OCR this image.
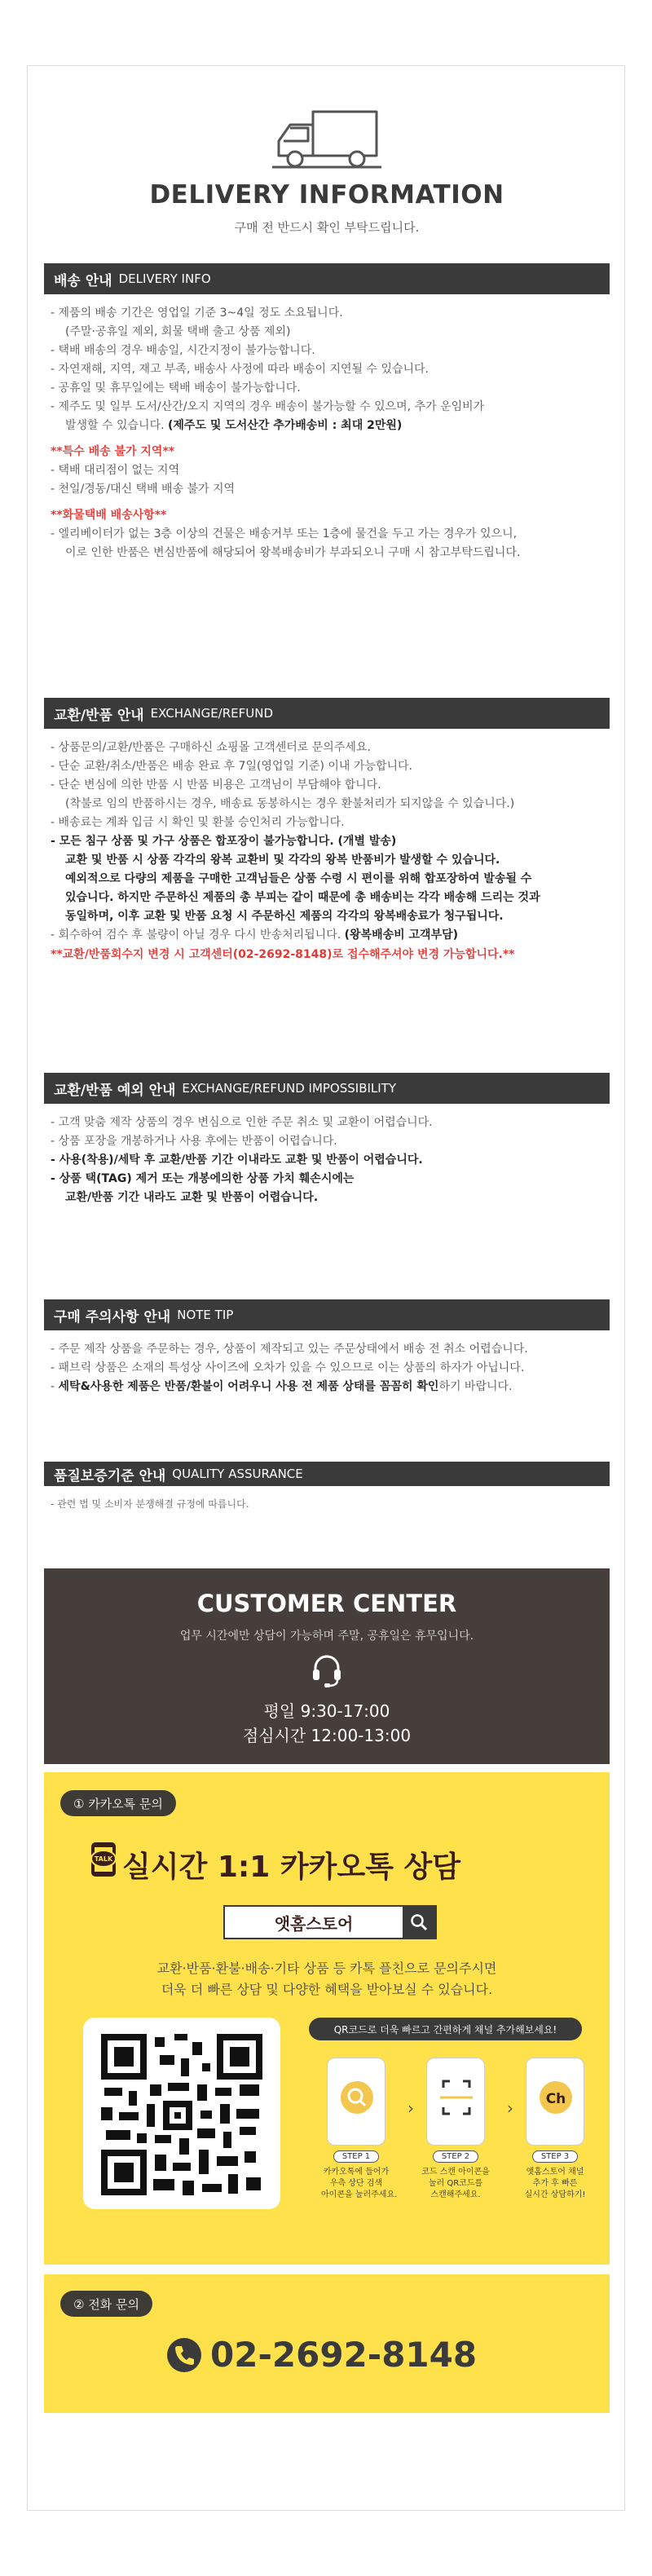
DELIVERY INFORMATION
구매 전 반드시 확인 부탁드립니다.
배송 안내 DELIVERY INFO
- 제품의 배송 기간은 영업일 기준 3~4일 정도 소요됩니다.
(주말·공휴일 제외, 회물 택배 출고 상품 제외)
- 택배 배송의 경우 배송일, 시간지정이 불가능합니다.
- 자연재해, 지역, 재고 부족, 배송사 사정에 따라 배송이 지연될 수 있습니다.
- 공휴일 및 휴무일에는 택배 배송이 불가능합니다.
- 제주도 및 일부 도서/산간/오지 지역의 경우 배송이 불가능할 수 있으며, 추가 운임비가
발생할 수 있습니다. (제주도 및 도서산간 추가배송비 : 최대 2만원)
**특수 배송 불가 지역**
- 택배 대리점이 없는 지역
- 천일/경동/대신 택배 배송 불가 지역
**화물택배 배송사항**
- 엘리베이터가 없는 3층 이상의 건물은 배송거부 또는 1층에 물건을 두고 가는 경우가 있으니,
이로 인한 반품은 변심반품에 해당되어 왕복배송비가 부과되오니 구매 시 참고부탁드립니다.
교환/반품 안내 EXCHANGE/REFUND
- 상품문의/교환/반품은 구매하신 쇼핑몰 고객센터로 문의주세요.
- 단순 교환/취소/반품은 배송 완료 후 7일(영업일 기준) 이내 가능합니다.
- 단순 변심에 의한 반품 시 반품 비용은 고객님이 부담해야 합니다.
(착불로 임의 반품하시는 경우, 배송료 동봉하시는 경우 환불처리가 되지않을 수 있습니다.)
- 배송료는 계좌 입금 시 확인 및 환불 승인처리 가능합니다.
- 모든 침구 상품 및 가구 상품은 합포장이 불가능합니다. (개별 발송)
교환 및 반품 시 상품 각각의 왕복 교환비 및 각각의 왕복 반품비가 발생할 수 있습니다.
예외적으로 다량의 제품을 구매한 고객님들은 상품 수령 시 편이를 위해 합포장하여 발송될 수
있습니다. 하지만 주문하신 제품의 총 부피는 같이 때문에 총 배송비는 각각 배송해 드리는 것과
동일하며, 이후 교환 및 반품 요청 시 주문하신 제품의 각각의 왕복배송료가 청구됩니다.
- 회수하여 검수 후 불량이 아닐 경우 다시 반송처리됩니다. (왕복배송비 고객부담)
**교환/반품회수지 변경 시 고객센터(02-2692-8148)로 접수해주셔야 변경 가능합니다.**
교환/반품 예외 안내 EXCHANGE/REFUND IMPOSSIBILITY
- 고객 맞춤 제작 상품의 경우 변심으로 인한 주문 취소 및 교환이 어렵습니다.
- 상품 포장을 개봉하거나 사용 후에는 반품이 어렵습니다.
- 사용(착용)/세탁 후 교환/반품 기간 이내라도 교환 및 반품이 어렵습니다.
- 상품 택(TAG) 제거 또는 개봉에의한 상품 가치 훼손시에는
교환/반품 기간 내라도 교환 및 반품이 어렵습니다.
구매 주의사항 안내 NOTE TIP
- 주문 제작 상품을 주문하는 경우, 상품이 제작되고 있는 주문상태에서 배송 전 취소 어렵습니다.
- 패브릭 상품은 소재의 특성상 사이즈에 오차가 있을 수 있으므로 이는 상품의 하자가 아닙니다.
- 세탁&사용한 제품은 반품/환불이 어려우니 사용 전 제품 상태를 꼼꼼히 확인하기 바랍니다.
품질보증기준 안내 QUALITY ASSURANCE
- 관련 법 및 소비자 분쟁해결 규정에 따릅니다.
CUSTOMER CENTER
업무 시간에만 상담이 가능하며 주말, 공휴일은 휴무입니다.
평일 9:30-17:00
점심시간 12:00-13:00
① 카카오톡 문의
TALK 실시간 1:1 카카오톡 상담
앳홈스토어
교환·반품·환불·배송·기타 상품 등 카톡 플친으로 문의주시면
더욱 더 빠른 상담 및 다양한 혜택을 받아보실 수 있습니다.
QR코드로 더욱 빠르고 간편하게 채널 추가해보세요!
STEP 1
카카오톡에 들어가
우측 상단 검색
아이콘을 눌러주세요.
›
STEP 2
코드 스캔 아이콘을
눌러 QR코드를
스캔해주세요.
› Ch
STEP 3
앳홈스토어 채널
추가 후 빠른
실시간 상담하기!
② 전화 문의
02-2692-8148
